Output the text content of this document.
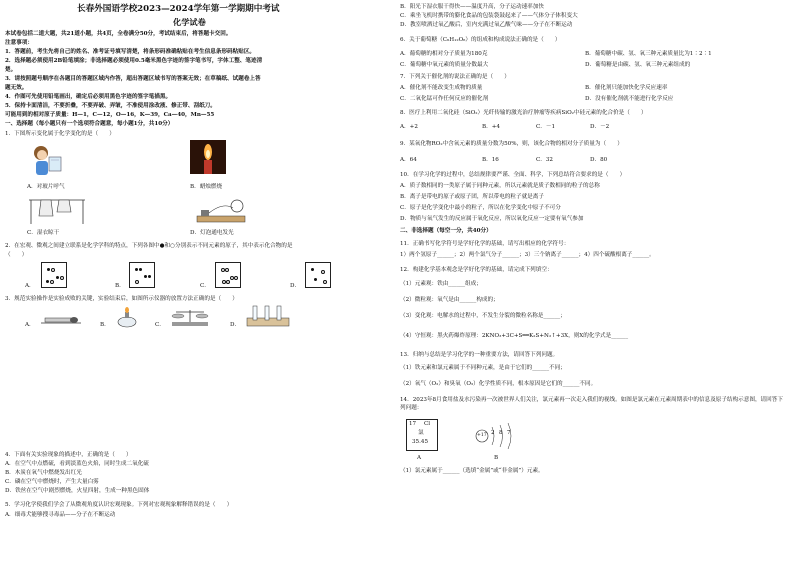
长春外国语学校2023—2024学年第一学期期中考试
化学试卷
本试卷包括二道大题，共21道小题，共4页，全卷满分50分，考试结束后，将答题卡交回。
注意事项：
1．答题前，考生先将自己的姓名、准考证号填写清楚，将条形码准确粘贴在考生信息条形码粘贴区。
2．选择题必须使用2B铅笔填涂；非选择题必须使用0.5毫米黑色字迹的签字笔书写，字体工整、笔迹清
楚。
3．请按照题号顺序在各题目的答题区域内作答，超出答题区域书写的答案无效；在草稿纸、试题卷上答
题无效。
4．作图可先使用铅笔画出，确定后必须用黑色字迹的签字笔描黑。
5．保持卡面清洁，不要折叠，不要弄破、弄皱，不准使用涂改液、修正带、刮纸刀。
可能用到的相对原子质量：H—1，C—12，O—16，K—39，Ca—40，Mn—55
一、选择题（每小题只有一个选项符合题意，每小题1分，共10分）
1．下图所示变化属于化学变化的是（　　）
A．对玻片呼气	B．蜡烛燃烧
C．湿衣晾干	D．灯泡通电发光
2．在宏观、微观之间建立联系是化学学科的特点，下列各图中●和○分别表示不同元素的原子，其中表示化合物的是
（　　）
A．	B．	C．	D．
3．规范实验操作是实验成败的关键，实验结束后，如图所示仪器的放置方法正确的是（　　）
A．	B．	C．	D．
4．下面有关实验现象的描述中，正确的是（　　）
A．在空气中点燃硫，看到淡蓝色火焰，同时生成二氧化硫
B．木炭在氧气中燃烧发出红光
C．磷在空气中燃烧时，产生大量白雾
D．铁丝在空气中剧烈燃烧，火星四射，生成一种黑色固体
5．学习化学使我们学会了从微观角度认识宏观现象。下列对宏观现象解释错误的是（　　）
A．细毒犬能够搜寻毒品——分子在不断运动
B．阳光下湿衣服干得快——温度升高，分子运动速率加快
C．乘坐飞机时携带的膨化食品的包装袋鼓起来了——气体分子体积变大
D．教室喷洒过氧乙酸后，室内充满过氧乙酸气味——分子在不断运动
6．关于葡萄糖（C₆H₁₂O₆）的组成和构成说法正确的是（　　）
A．葡萄糖的相对分子质量为180克	B．葡萄糖中碳、氢、氧三种元素质量比为1∶2∶1
C．葡萄糖中氧元素的质量分数最大	D．葡萄糖是由碳、氢、氧三种元素组成的
7．下列关于催化剂的说法正确的是（　　）
A．催化剂不能改变生成物的质量	B．催化剂只能加快化学反应速率
C．二氧化锰可作任何反应的催化剂	D．没有催化剂就不能进行化学反应
8．医疗上利用二氧化硅（SiO₂）光纤传输的激光治疗肿瘤等疾病SiO₂中硅元素的化合价是（　　）
A．+2	B．+4	C．－1	D．－2
9．某氧化物RO₂中含氧元素的质量分数为50%，则，该化合物的相对分子质量为（　　）
A．64	B．16	C．32	D．80
10．在学习化学的过程中，总结规律要严谨、全面、科学，下列总结符合要求的是（　　）
A．质子数相同的一类原子属于同种元素，所以元素就是质子数相同的粒子的总称
B．离子是带电的原子或原子团，所以带电的粒子就是离子
C．原子是化学变化中最小的粒子，所以在化学变化中原子不可分
D．物质与氧气发生的反应属于氧化反应，所以氧化反应一定要有氧气参加
二、非选择题（每空一分，共40分）
11．正确书写化学符号是学好化学的基础，请写出相应的化学符号：
1）两个氢原子______；2）两个氯气分子______；3）三个钠离子______；4）四个硫酸根离子______。
12．构建化学基本观念是学好化学的基础，请完成下列填空：
（1）元素观：铁由______组成；
（2）微粒观：氧气是由______构成的；
（3）变化观：电解水的过程中，不发生分裂的微粒名称是______；
（4）守恒观：黑火药爆炸原理：2KNO₃+3C+S══K₂S+N₂↑+3X，则X的化学式是______
13．归纳与总结是学习化学的一种重要方法，请回答下列问题。
（1）铁元素和氯元素属于不同种元素，是由于它们的______不同；
（2）氧气（O₂）和臭氧（O₃）化学性质不同，根本原因是它们的______不同。
14．2023年8月食用盐及水污染再一次被世界人们关注，氯元素再一次走入我们的视线。如图是氯元素在元素周期表中的信息及原子结构示意图，请回答下列问题：
17 Cl
氯
35.45
A
+17 2 8 7
B
（1）氯元素属于______（选填“金属”或“非金属”）元素。
